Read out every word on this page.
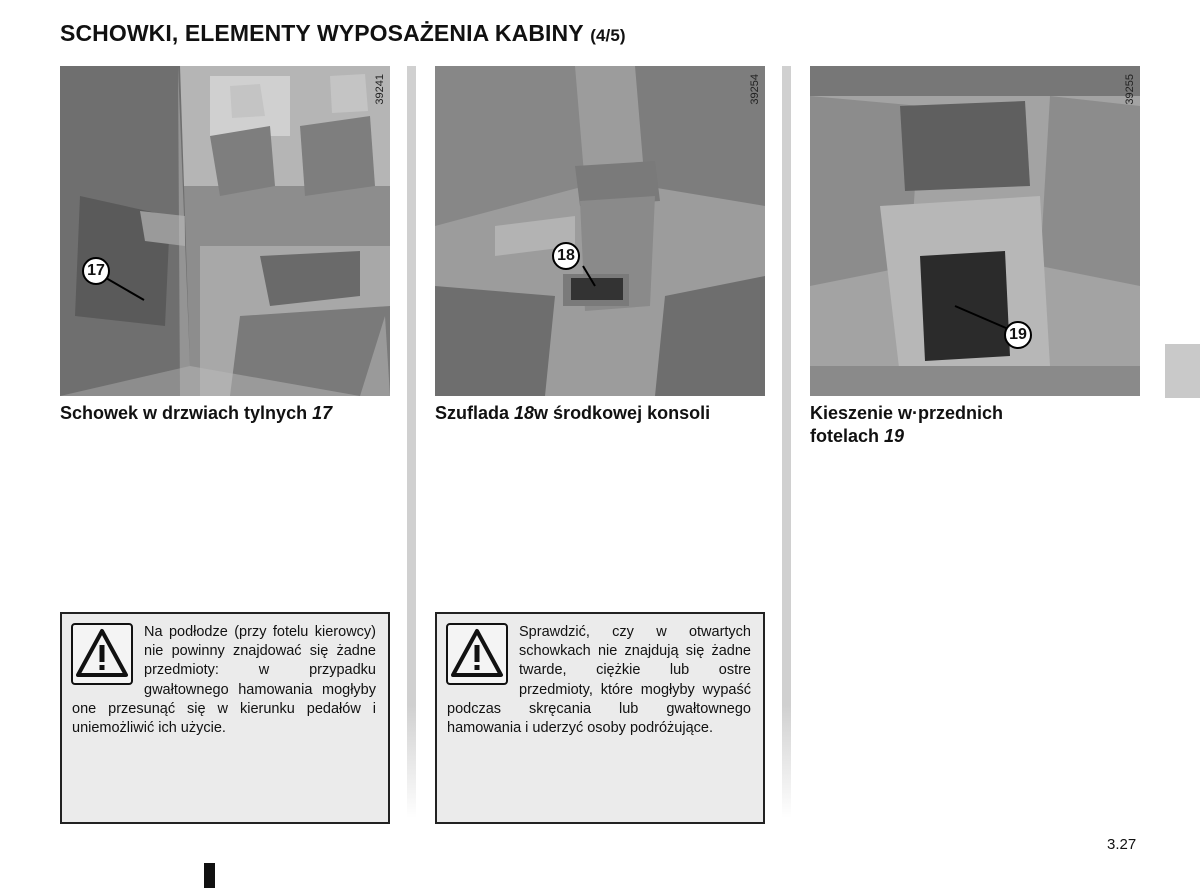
SCHOWKI, ELEMENTY WYPOSAŻENIA KABINY (4/5)
17
39241
18
39254
19
39255
Schowek w drzwiach tylnych 17	Szuflada 18w środkowej konsoli	Kieszenie w·przednich
fotelach 19

Na podłodze (przy fotelu kierowcy) nie powinny znajdować się żadne przedmioty: w przypadku gwałtownego hamowania mogłyby one przesunąć się w kierunku pedałów i uniemożliwić ich użycie.

Sprawdzić, czy w otwartych schowkach nie znajdują się żadne twarde, ciężkie lub ostre przedmioty, które mogłyby wypaść podczas skręcania lub gwałtownego hamowania i uderzyć osoby podróżujące.

3.27
